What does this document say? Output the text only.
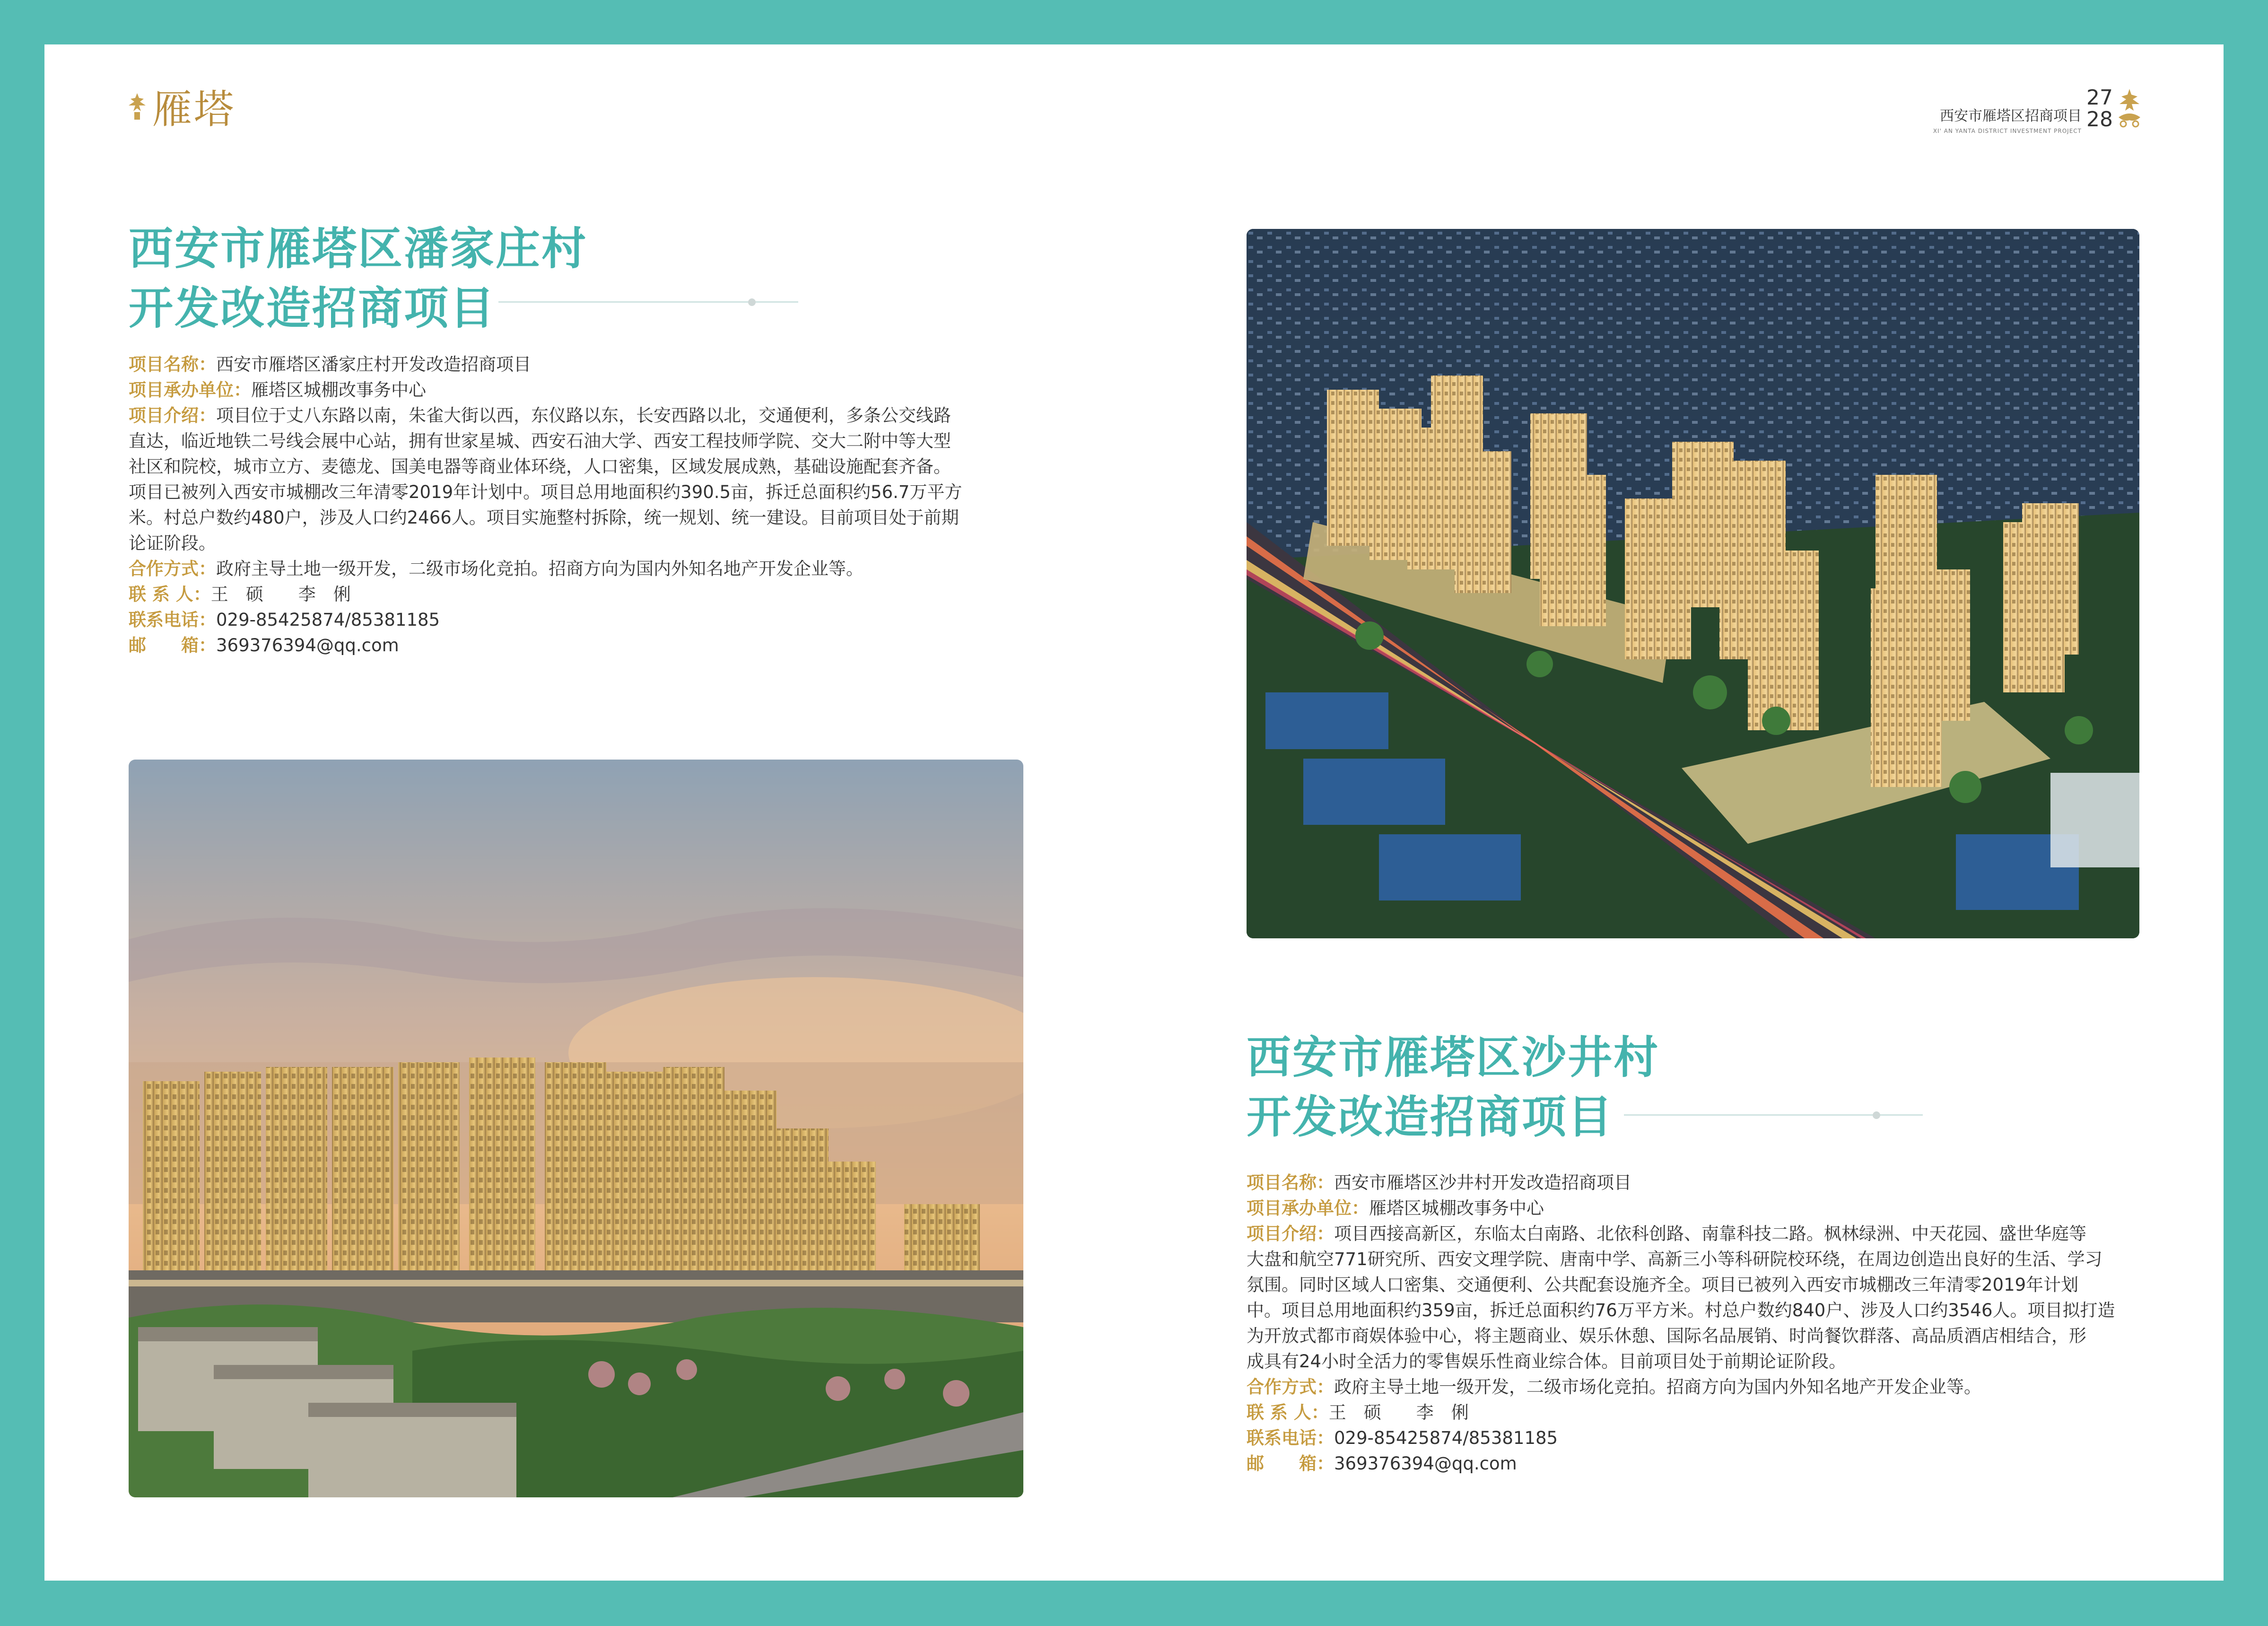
雁塔	西安市雁塔区招商项目
XI' AN YANTA DISTRICT INVESTMENT PROJECT
27
28
西安市雁塔区潘家庄村
开发改造招商项目

项目名称：西安市雁塔区潘家庄村开发改造招商项目

项目承办单位：雁塔区城棚改事务中心

项目介绍：项目位于丈八东路以南，朱雀大街以西，东仪路以东，长安西路以北，交通便利，多条公交线路

直达，临近地铁二号线会展中心站，拥有世家星城、西安石油大学、西安工程技师学院、交大二附中等大型

社区和院校，城市立方、麦德龙、国美电器等商业体环绕，人口密集，区域发展成熟，基础设施配套齐备。

项目已被列入西安市城棚改三年清零2019年计划中。项目总用地面积约390.5亩，拆迁总面积约56.7万平方

米。村总户数约480户，涉及人口约2466人。项目实施整村拆除，统一规划、统一建设。目前项目处于前期

论证阶段。

合作方式：政府主导土地一级开发，二级市场化竞拍。招商方向为国内外知名地产开发企业等。

联 系 人：王　硕　　李　俐

联系电话：029-85425874/85381185

邮　　箱：369376394@qq.com

西安市雁塔区沙井村
开发改造招商项目

项目名称：西安市雁塔区沙井村开发改造招商项目

项目承办单位：雁塔区城棚改事务中心

项目介绍：项目西接高新区，东临太白南路、北依科创路、南靠科技二路。枫林绿洲、中天花园、盛世华庭等

大盘和航空771研究所、西安文理学院、唐南中学、高新三小等科研院校环绕，在周边创造出良好的生活、学习

氛围。同时区域人口密集、交通便利、公共配套设施齐全。项目已被列入西安市城棚改三年清零2019年计划

中。项目总用地面积约359亩，拆迁总面积约76万平方米。村总户数约840户、涉及人口约3546人。项目拟打造

为开放式都市商娱体验中心，将主题商业、娱乐休憩、国际名品展销、时尚餐饮群落、高品质酒店相结合，形

成具有24小时全活力的零售娱乐性商业综合体。目前项目处于前期论证阶段。

合作方式：政府主导土地一级开发，二级市场化竞拍。招商方向为国内外知名地产开发企业等。

联 系 人：王　硕　　李　俐

联系电话：029-85425874/85381185

邮　　箱：369376394@qq.com
